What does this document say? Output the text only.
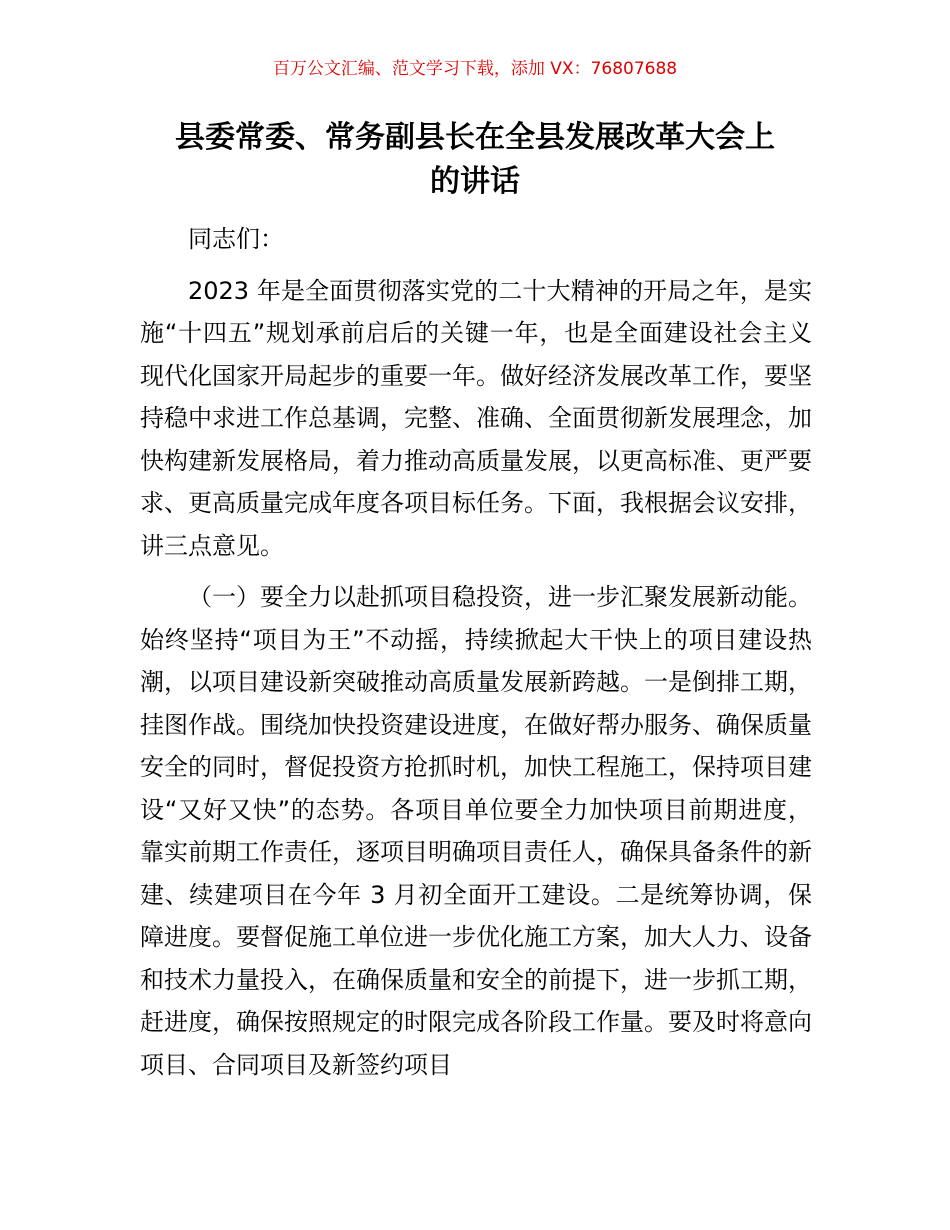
百万公文汇编、范文学习下载，添加 VX：76807688
县委常委、常务副县长在全县发展改革大会上
的讲话

同志们：

2023 年是全面贯彻落实党的二十大精神的开局之年，是实施“十四五”规划承前启后的关键一年，也是全面建设社会主义现代化国家开局起步的重要一年。做好经济发展改革工作，要坚持稳中求进工作总基调，完整、准确、全面贯彻新发展理念，加快构建新发展格局，着力推动高质量发展，以更高标准、更严要求、更高质量完成年度各项目标任务。下面，我根据会议安排，讲三点意见。

（一）要全力以赴抓项目稳投资，进一步汇聚发展新动能。始终坚持“项目为王”不动摇，持续掀起大干快上的项目建设热潮，以项目建设新突破推动高质量发展新跨越。一是倒排工期，挂图作战。围绕加快投资建设进度，在做好帮办服务、确保质量安全的同时，督促投资方抢抓时机，加快工程施工，保持项目建设“又好又快”的态势。各项目单位要全力加快项目前期进度，靠实前期工作责任，逐项目明确项目责任人，确保具备条件的新建、续建项目在今年 3 月初全面开工建设。二是统筹协调，保障进度。要督促施工单位进一步优化施工方案，加大人力、设备和技术力量投入，在确保质量和安全的前提下，进一步抓工期，赶进度，确保按照规定的时限完成各阶段工作量。要及时将意向项目、合同项目及新签约项目
